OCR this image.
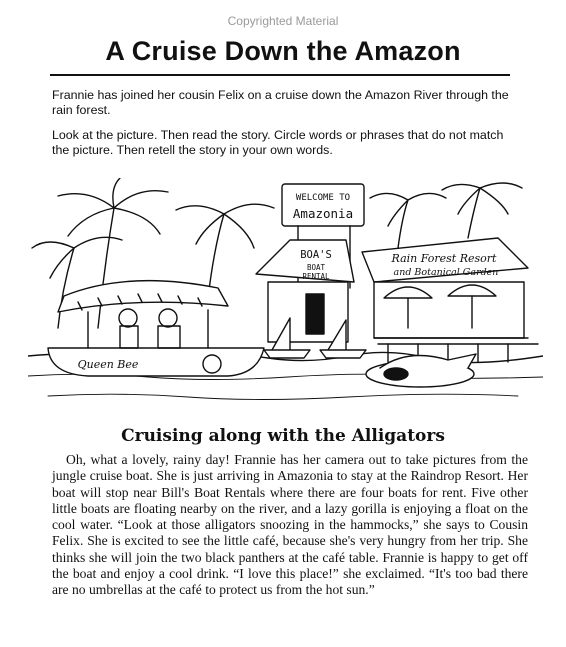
Copyrighted Material
A Cruise Down the Amazon

Frannie has joined her cousin Felix on a cruise down the Amazon River through the rain forest.

Look at the picture. Then read the story. Circle words or phrases that do not match the picture. Then retell the story in your own words.

WELCOME TO
Amazonia
BOA'S
BOAT
RENTAL
Rain Forest Resort
and Botanical Garden
Queen Bee
Cruising along with the Alligators

Oh, what a lovely, rainy day! Frannie has her camera out to take pictures from the jungle cruise boat. She is just arriving in Amazonia to stay at the Raindrop Resort. Her boat will stop near Bill's Boat Rentals where there are four boats for rent. Five other little boats are floating nearby on the river, and a lazy gorilla is enjoying a float on the cool water. “Look at those alligators snoozing in the hammocks,” she says to Cousin Felix. She is excited to see the little café, because she's very hungry from her trip. She thinks she will join the two black panthers at the café table. Frannie is happy to get off the boat and enjoy a cool drink. “I love this place!” she exclaimed. “It's too bad there are no umbrellas at the café to protect us from the hot sun.”
